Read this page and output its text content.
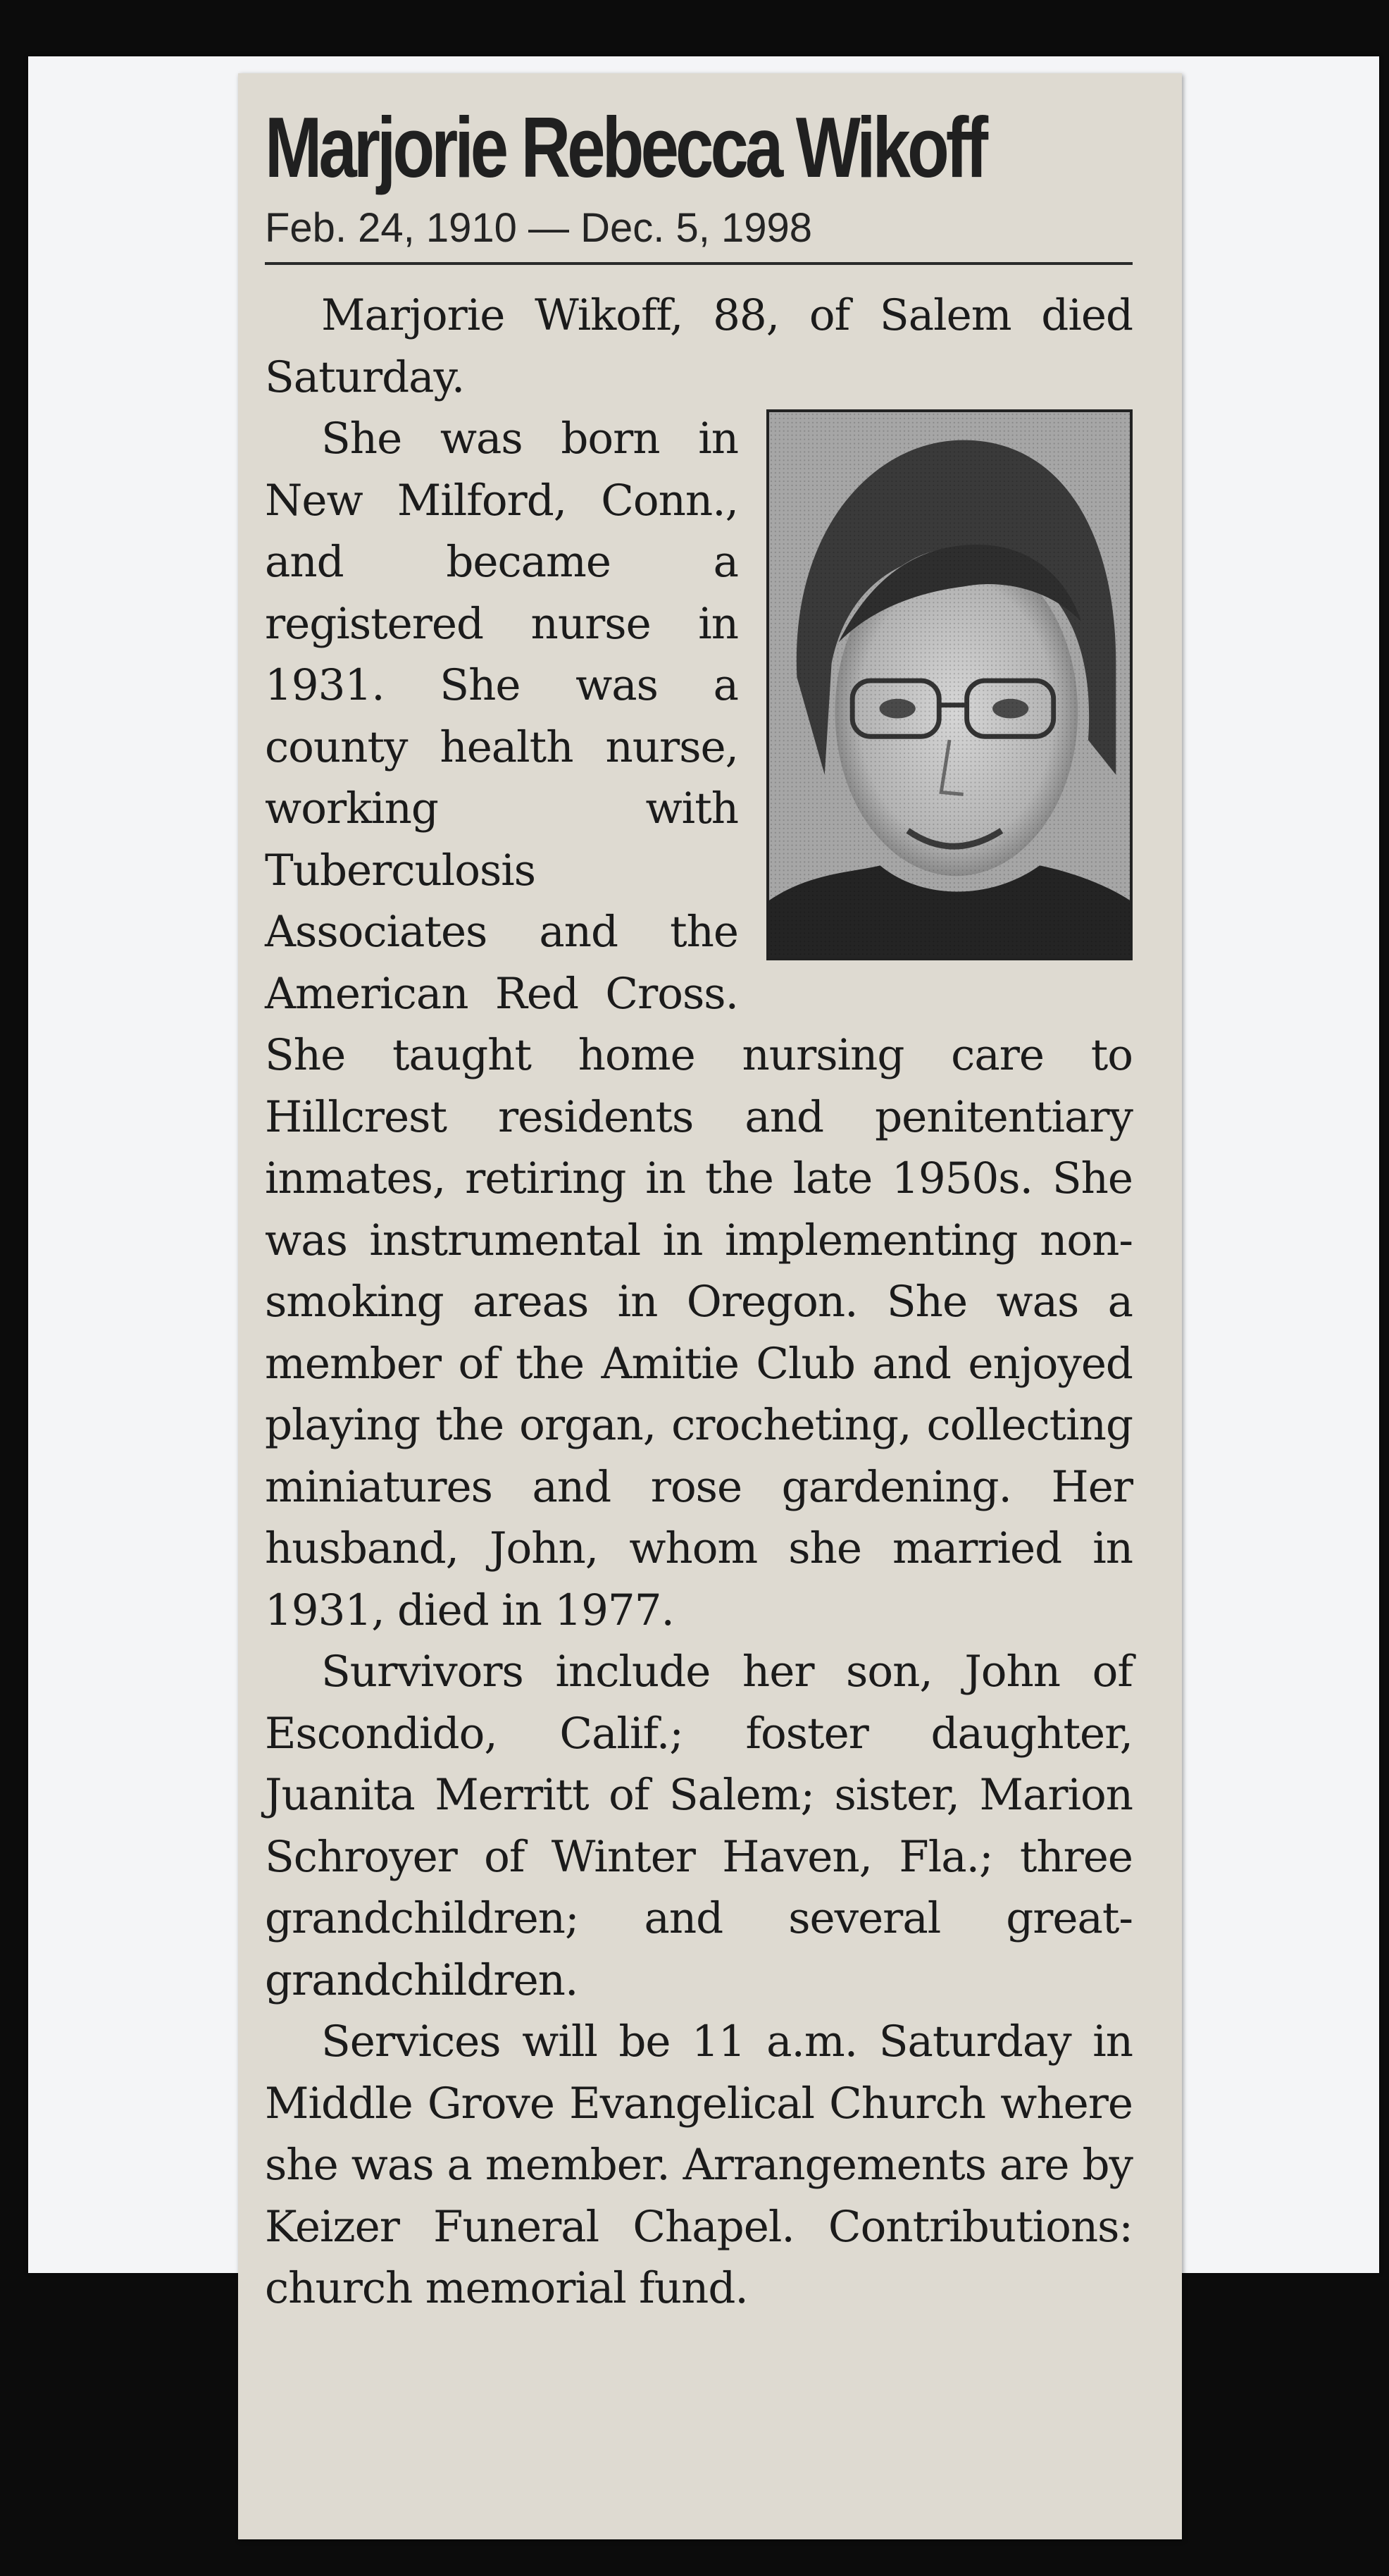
Marjorie Rebecca Wikoff
Feb. 24, 1910 — Dec. 5, 1998

Marjorie Wikoff, 88, of Salem died Saturday.

She was born in New Milford, Conn., and became a registered nurse in 1931. She was a county health nurse, working with Tuberculosis Associates and the American Red Cross. She taught home nursing care to Hillcrest residents and penitentiary inmates, retiring in the late 1950s. She was instrumental in implementing non-smoking areas in Oregon. She was a member of the Amitie Club and enjoyed playing the organ, crocheting, collecting miniatures and rose gardening. Her husband, John, whom she married in 1931, died in 1977.

Survivors include her son, John of Escondido, Calif.; foster daughter, Juanita Merritt of Salem; sister, Marion Schroyer of Winter Haven, Fla.; three grandchildren; and several great-grandchildren.

Services will be 11 a.m. Saturday in Middle Grove Evangelical Church where she was a member. Arrangements are by Keizer Funeral Chapel. Contributions: church memorial fund.
